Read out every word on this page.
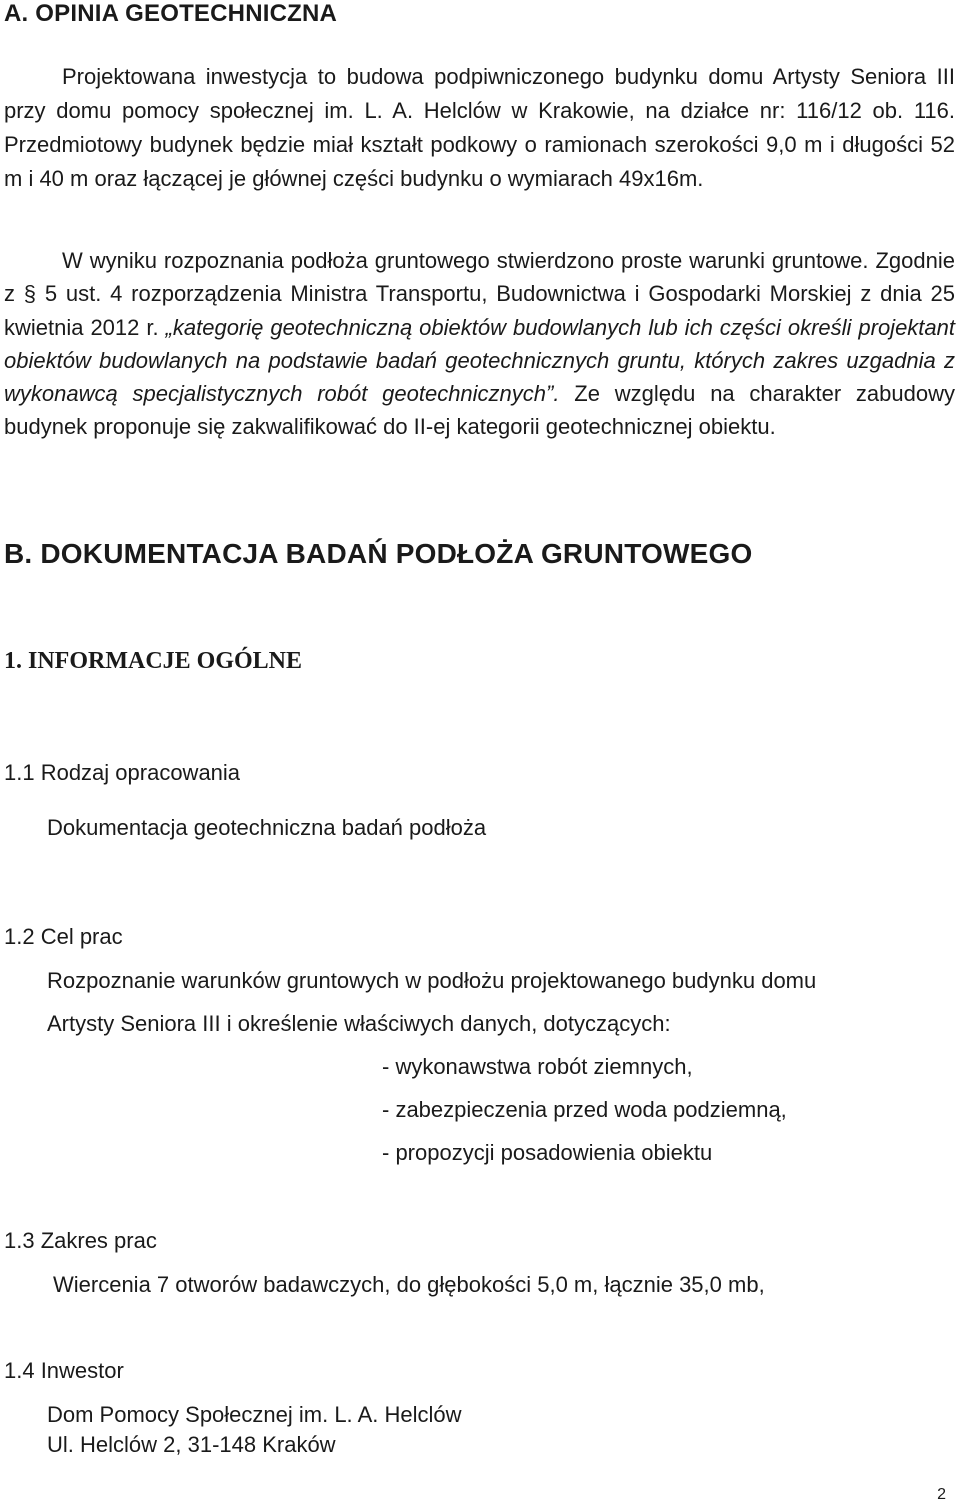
A. OPINIA GEOTECHNICZNA

Projektowana inwestycja to budowa podpiwniczonego budynku domu Artysty Seniora III przy domu pomocy społecznej im. L. A. Helclów w Krakowie, na działce nr: 116/12 ob. 116. Przedmiotowy budynek będzie miał kształt podkowy o ramionach szerokości 9,0 m i długości 52 m i 40 m oraz łączącej je głównej części budynku o wymiarach 49x16m.

W wyniku rozpoznania podłoża gruntowego stwierdzono proste warunki gruntowe. Zgodnie z § 5 ust. 4 rozporządzenia Ministra Transportu, Budownictwa i Gospodarki Morskiej z dnia 25 kwietnia 2012 r. „kategorię geotechniczną obiektów budowlanych lub ich części określi projektant obiektów budowlanych na podstawie badań geotechnicznych gruntu, których zakres uzgadnia z wykonawcą specjalistycznych robót geotechnicznych”. Ze względu na charakter zabudowy budynek proponuje się zakwalifikować do II-ej kategorii geotechnicznej obiektu.

B. DOKUMENTACJA BADAŃ PODŁOŻA GRUNTOWEGO
1. INFORMACJE OGÓLNE
1.1 Rodzaj opracowania
Dokumentacja geotechniczna badań podłoża
1.2 Cel prac
Rozpoznanie warunków gruntowych w podłożu projektowanego budynku domu
Artysty Seniora III i określenie właściwych danych, dotyczących:
- wykonawstwa robót ziemnych,
- zabezpieczenia przed woda podziemną,
- propozycji posadowienia obiektu
1.3 Zakres prac
Wiercenia 7 otworów badawczych, do głębokości 5,0 m, łącznie 35,0 mb,
1.4 Inwestor
Dom Pomocy Społecznej im. L. A. Helclów
Ul. Helclów 2, 31-148 Kraków
2
